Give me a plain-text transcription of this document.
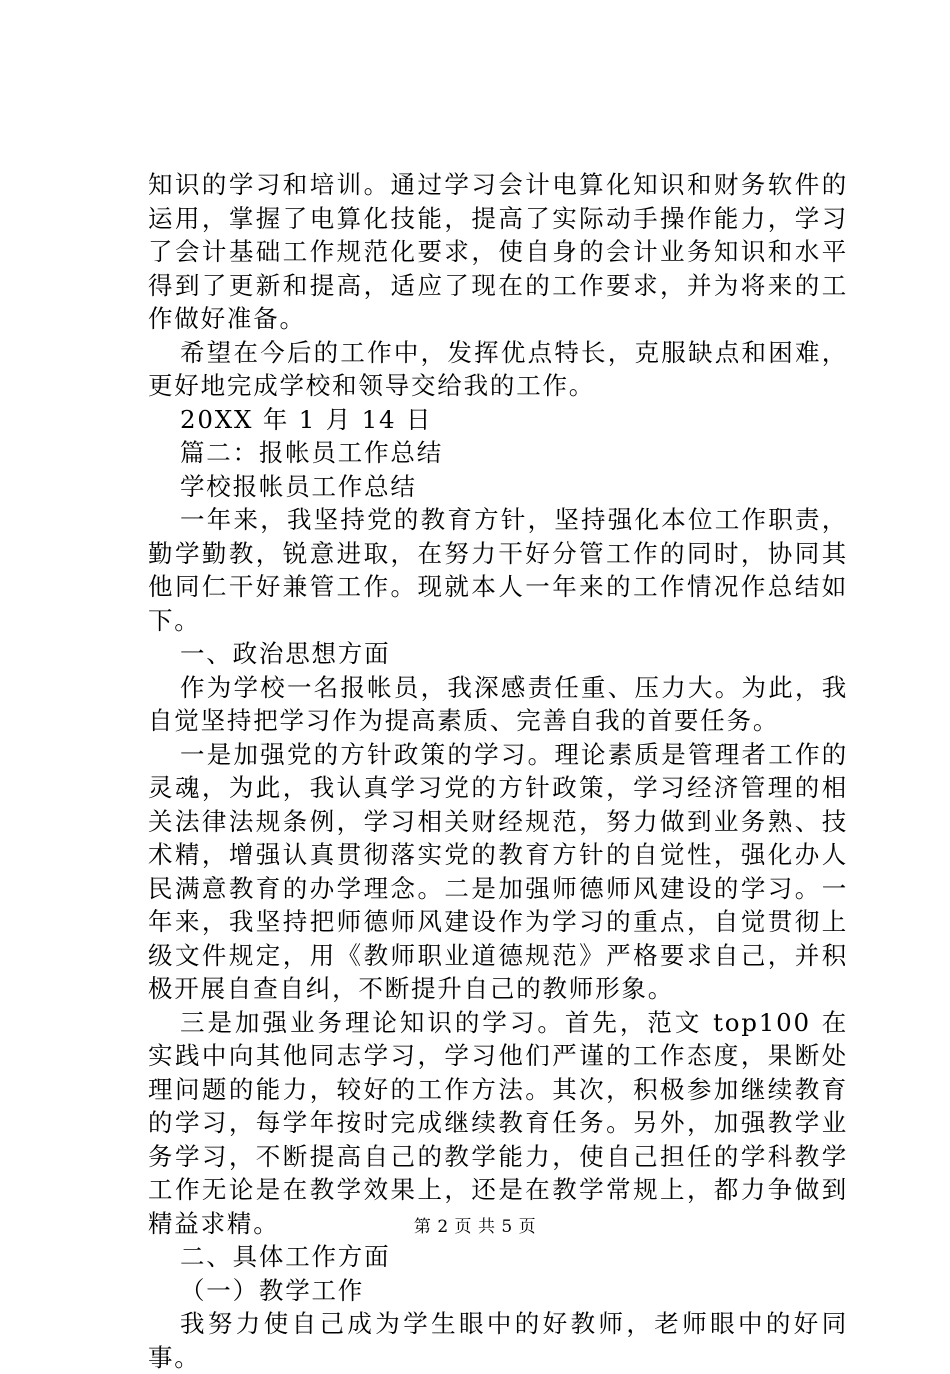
知识的学习和培训。通过学习会计电算化知识和财务软件的运用，掌握了电算化技能，提高了实际动手操作能力，学习了会计基础工作规范化要求，使自身的会计业务知识和水平得到了更新和提高，适应了现在的工作要求，并为将来的工作做好准备。

希望在今后的工作中，发挥优点特长，克服缺点和困难，更好地完成学校和领导交给我的工作。

20XX 年 1 月 14 日

篇二：报帐员工作总结

学校报帐员工作总结

一年来，我坚持党的教育方针，坚持强化本位工作职责，勤学勤教，锐意进取，在努力干好分管工作的同时，协同其他同仁干好兼管工作。现就本人一年来的工作情况作总结如下。

一、政治思想方面

作为学校一名报帐员，我深感责任重、压力大。为此，我自觉坚持把学习作为提高素质、完善自我的首要任务。

一是加强党的方针政策的学习。理论素质是管理者工作的灵魂，为此，我认真学习党的方针政策，学习经济管理的相关法律法规条例，学习相关财经规范，努力做到业务熟、技术精，增强认真贯彻落实党的教育方针的自觉性，强化办人民满意教育的办学理念。二是加强师德师风建设的学习。一年来，我坚持把师德师风建设作为学习的重点，自觉贯彻上级文件规定，用《教师职业道德规范》严格要求自己，并积极开展自查自纠，不断提升自己的教师形象。

三是加强业务理论知识的学习。首先，范文 top100 在实践中向其他同志学习，学习他们严谨的工作态度，果断处理问题的能力，较好的工作方法。其次，积极参加继续教育的学习，每学年按时完成继续教育任务。另外，加强教学业务学习，不断提高自己的教学能力，使自己担任的学科教学工作无论是在教学效果上，还是在教学常规上，都力争做到精益求精。

二、具体工作方面

（一）教学工作

我努力使自己成为学生眼中的好教师，老师眼中的好同事。

第 2 页 共 5 页
